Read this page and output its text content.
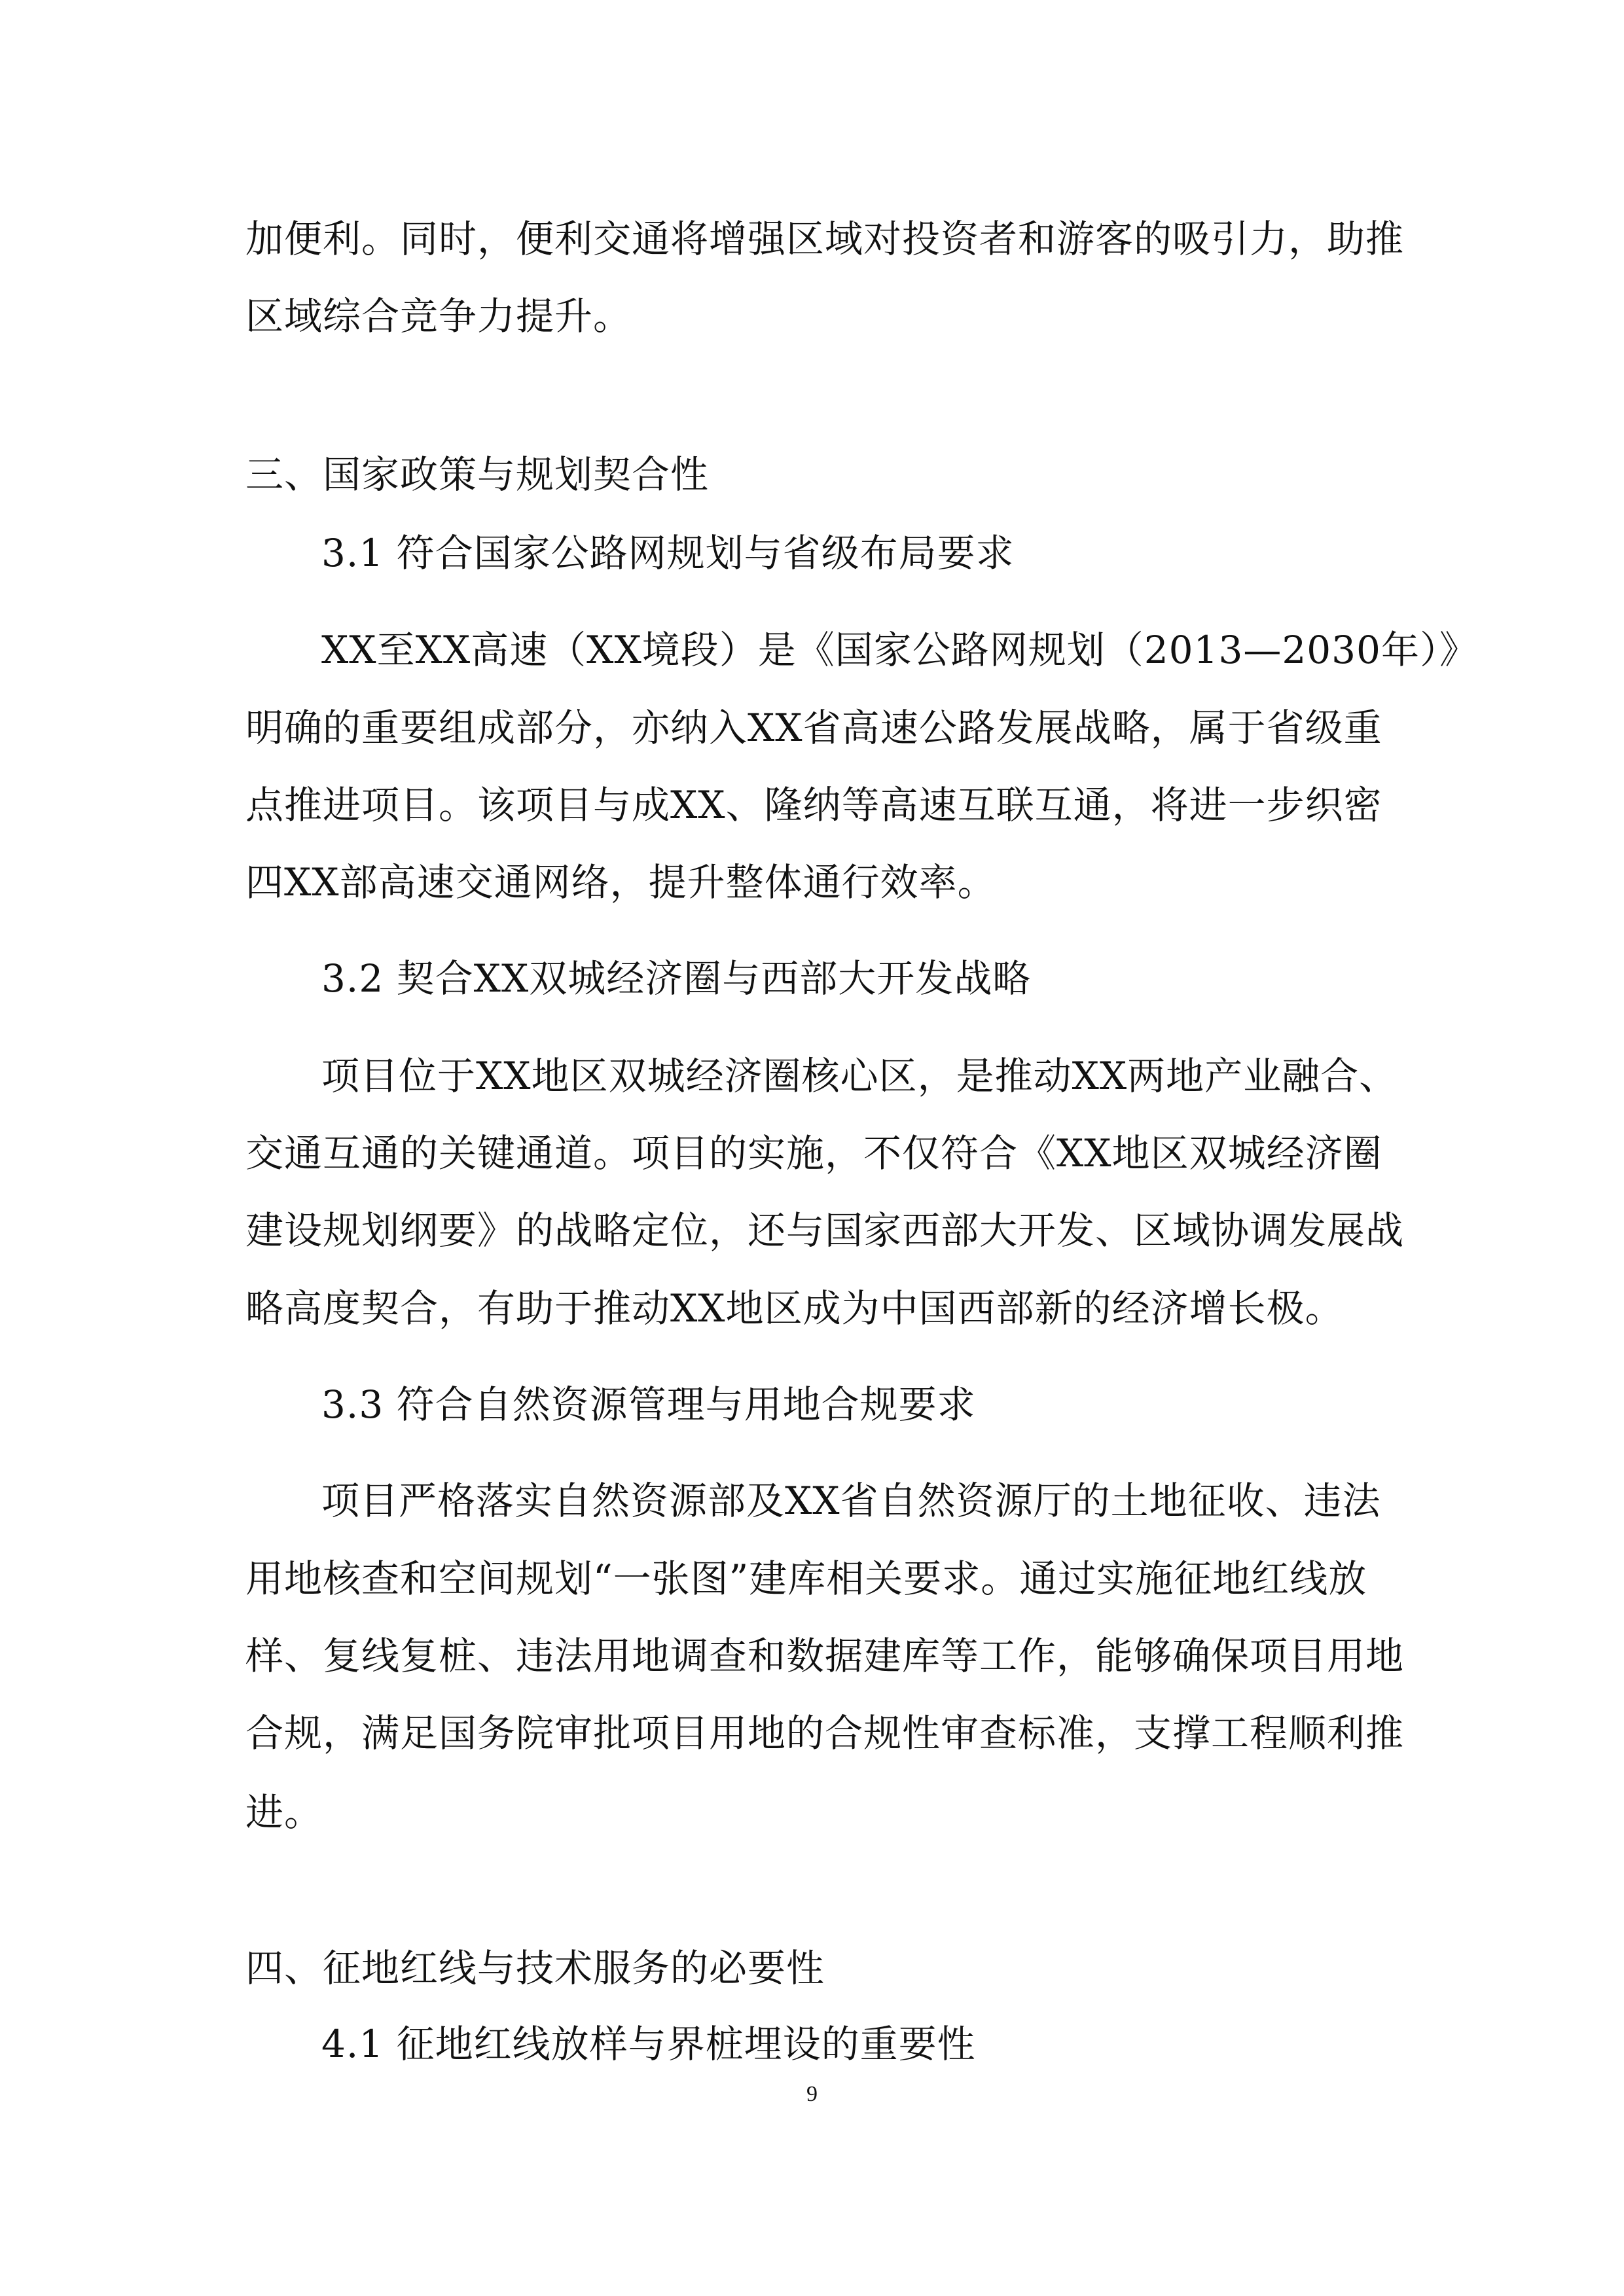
加便利。同时，便利交通将增强区域对投资者和游客的吸引力，助推
区域综合竞争力提升。
三、国家政策与规划契合性
3.1 符合国家公路网规划与省级布局要求
XX至XX高速（XX境段）是《国家公路网规划（2013—2030年）》
明确的重要组成部分，亦纳入XX省高速公路发展战略，属于省级重
点推进项目。该项目与成XX、隆纳等高速互联互通，将进一步织密
四XX部高速交通网络，提升整体通行效率。
3.2 契合XX双城经济圈与西部大开发战略
项目位于XX地区双城经济圈核心区，是推动XX两地产业融合、
交通互通的关键通道。项目的实施，不仅符合《XX地区双城经济圈
建设规划纲要》的战略定位，还与国家西部大开发、区域协调发展战
略高度契合，有助于推动XX地区成为中国西部新的经济增长极。
3.3 符合自然资源管理与用地合规要求
项目严格落实自然资源部及XX省自然资源厅的土地征收、违法
用地核查和空间规划“一张图”建库相关要求。通过实施征地红线放
样、复线复桩、违法用地调查和数据建库等工作，能够确保项目用地
合规，满足国务院审批项目用地的合规性审查标准，支撑工程顺利推
进。
四、征地红线与技术服务的必要性
4.1 征地红线放样与界桩埋设的重要性
9
